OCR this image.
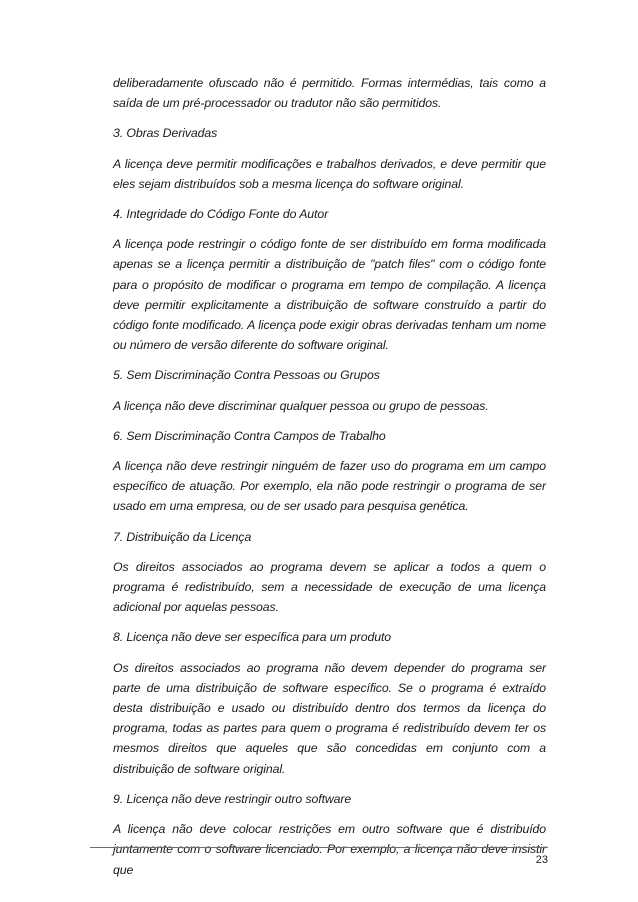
deliberadamente ofuscado não é permitido. Formas intermédias, tais como a saída de um pré-processador ou tradutor não são permitidos.

3. Obras Derivadas

A licença deve permitir modificações e trabalhos derivados, e deve permitir que eles sejam distribuídos sob a mesma licença do software original.

4. Integridade do Código Fonte do Autor

A licença pode restringir o código fonte de ser distribuído em forma modificada apenas se a licença permitir a distribuição de "patch files" com o código fonte para o propósito de modificar o programa em tempo de compilação. A licença deve permitir explicitamente a distribuição de software construído a partir do código fonte modificado. A licença pode exigir obras derivadas tenham um nome ou número de versão diferente do software original.

5. Sem Discriminação Contra Pessoas ou Grupos

A licença não deve discriminar qualquer pessoa ou grupo de pessoas.

6. Sem Discriminação Contra Campos de Trabalho

A licença não deve restringir ninguém de fazer uso do programa em um campo específico de atuação. Por exemplo, ela não pode restringir o programa de ser usado em uma empresa, ou de ser usado para pesquisa genética.

7. Distribuição da Licença

Os direitos associados ao programa devem se aplicar a todos a quem o programa é redistribuído, sem a necessidade de execução de uma licença adicional por aquelas pessoas.

8. Licença não deve ser específica para um produto

Os direitos associados ao programa não devem depender do programa ser parte de uma distribuição de software específico. Se o programa é extraído desta distribuição e usado ou distribuído dentro dos termos da licença do programa, todas as partes para quem o programa é redistribuído devem ter os mesmos direitos que aqueles que são concedidas em conjunto com a distribuição de software original.

9. Licença não deve restringir outro software

A licença não deve colocar restrições em outro software que é distribuído juntamente com o software licenciado. Por exemplo, a licença não deve insistir que

23
